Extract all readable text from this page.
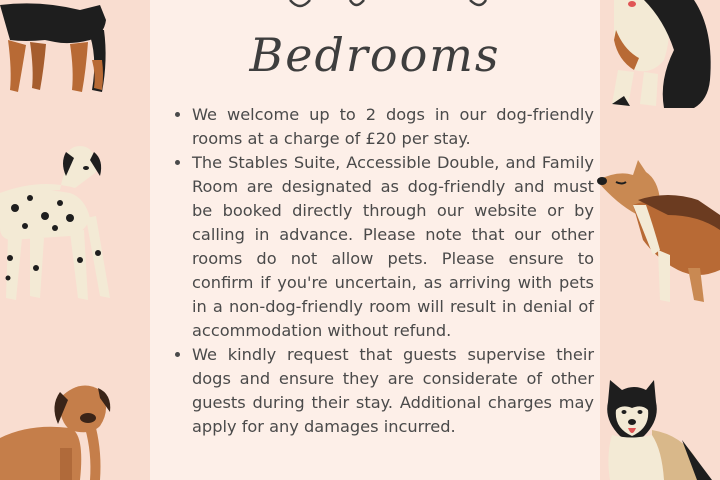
Bedrooms
• We welcome up to 2 dogs in our dog-friendly rooms at a charge of £20 per stay.
• The Stables Suite, Accessible Double, and Family Room are designated as dog-friendly and must be booked directly through our website or by calling in advance. Please note that our other rooms do not allow pets. Please ensure to confirm if you're uncertain, as arriving with pets in a non-dog-friendly room will result in denial of accommodation without refund.
• We kindly request that guests supervise their dogs and ensure they are considerate of other guests during their stay. Additional charges may apply for any damages incurred.
